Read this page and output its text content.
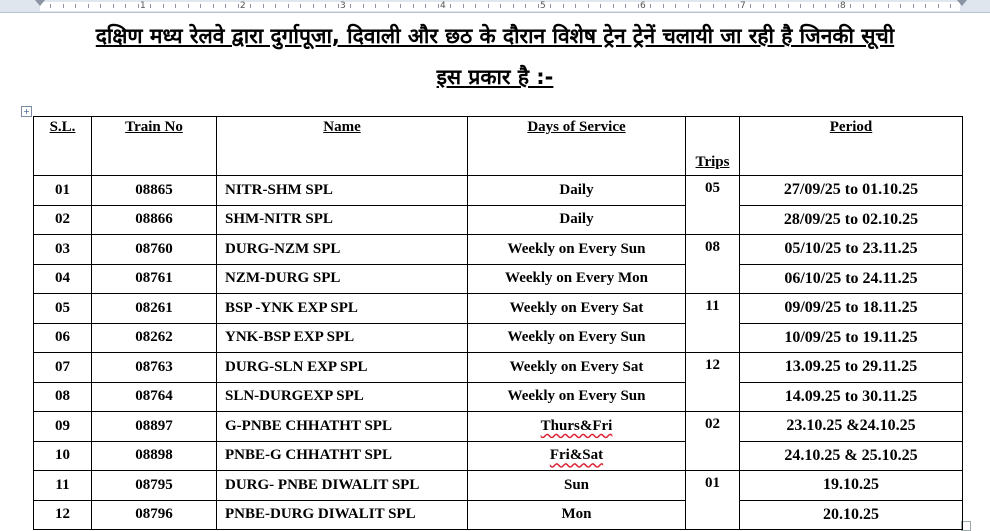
1	2	3	4	5	6	7	8
दक्षिण मध्य रेलवे द्वारा दुर्गापूजा, दिवाली और छठ के दौरान विशेष ट्रेन ट्रेनें चलायी जा रही है जिनकी सूची
इस प्रकार है :-
+
S.L.	Train No	Name	Days of Service	Trips	Period
01	08865	NITR-SHM SPL	Daily	05	27/09/25 to 01.10.25
02	08866	SHM-NITR SPL	Daily		28/09/25 to 02.10.25
03	08760	DURG-NZM SPL	Weekly on Every Sun	08	05/10/25 to 23.11.25
04	08761	NZM-DURG SPL	Weekly on Every Mon		06/10/25 to 24.11.25
05	08261	BSP -YNK EXP SPL	Weekly on Every Sat	11	09/09/25 to 18.11.25
06	08262	YNK-BSP EXP SPL	Weekly on Every Sun		10/09/25 to 19.11.25
07	08763	DURG-SLN EXP SPL	Weekly on Every Sat	12	13.09.25 to 29.11.25
08	08764	SLN-DURGEXP SPL	Weekly on Every Sun		14.09.25 to 30.11.25
09	08897	G-PNBE CHHATHT SPL	Thurs&Fri	02	23.10.25 &24.10.25
10	08898	PNBE-G CHHATHT SPL	Fri&Sat		24.10.25 & 25.10.25
11	08795	DURG- PNBE DIWALIT SPL	Sun	01	19.10.25
12	08796	PNBE-DURG DIWALIT SPL	Mon		20.10.25
